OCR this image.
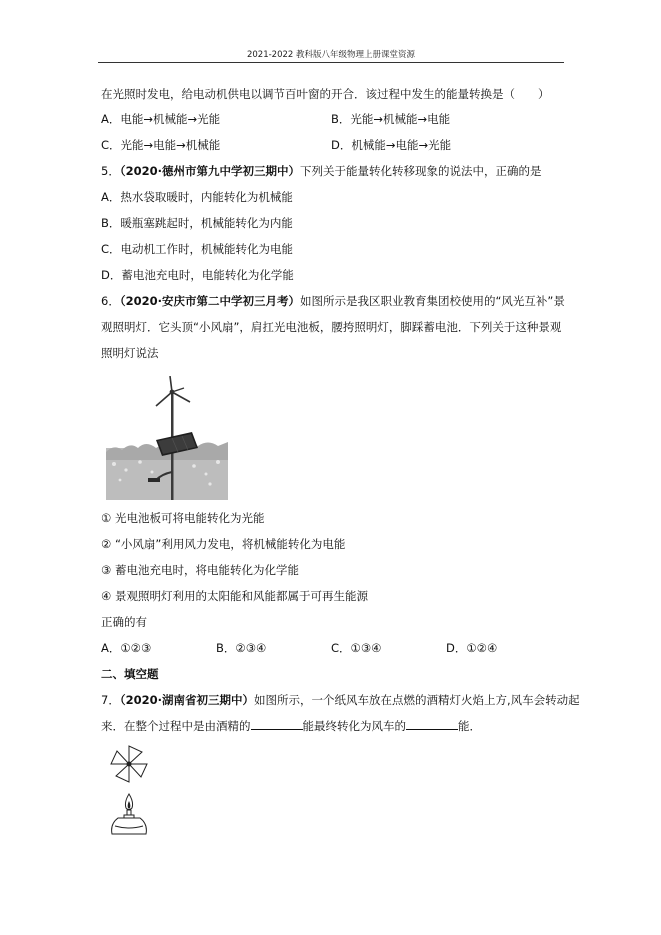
2021-2022 教科版八年级物理上册课堂资源
在光照时发电，给电动机供电以调节百叶窗的开合．该过程中发生的能量转换是（　　）
A．电能→机械能→光能	B．光能→机械能→电能
C．光能→电能→机械能	D．机械能→电能→光能
5．（2020·德州市第九中学初三期中）下列关于能量转化转移现象的说法中，正确的是
A．热水袋取暖时，内能转化为机械能
B．暖瓶塞跳起时，机械能转化为内能
C．电动机工作时，机械能转化为电能
D．蓄电池充电时，电能转化为化学能
6．（2020·安庆市第二中学初三月考）如图所示是我区职业教育集团校使用的“风光互补”景
观照明灯．它头顶“小风扇”，肩扛光电池板，腰挎照明灯，脚踩蓄电池．下列关于这种景观
照明灯说法
① 光电池板可将电能转化为光能
② “小风扇”利用风力发电，将机械能转化为电能
③ 蓄电池充电时，将电能转化为化学能
④ 景观照明灯利用的太阳能和风能都属于可再生能源
正确的有
A．①②③	B．②③④	C．①③④	D．①②④
二、填空题
7．（2020·湖南省初三期中）如图所示，一个纸风车放在点燃的酒精灯火焰上方,风车会转动起
来．在整个过程中是由酒精的	能最终转化为风车的	能．
